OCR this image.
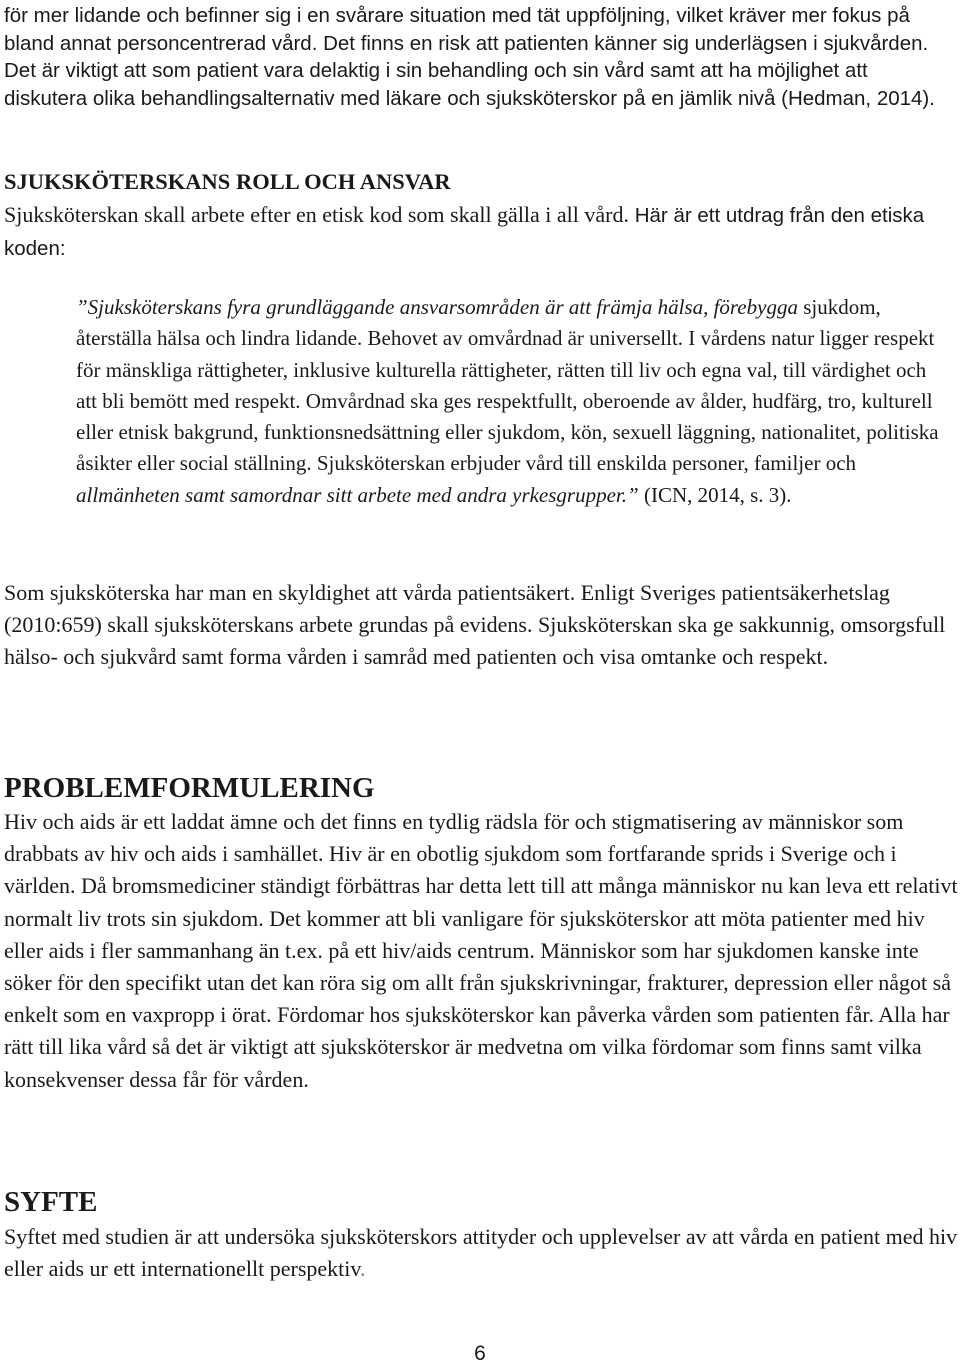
för mer lidande och befinner sig i en svårare situation med tät uppföljning, vilket kräver mer fokus på bland annat personcentrerad vård. Det finns en risk att patienten känner sig underlägsen i sjukvården. Det är viktigt att som patient vara delaktig i sin behandling och sin vård samt att ha möjlighet att diskutera olika behandlingsalternativ med läkare och sjuksköterskor på en jämlik nivå (Hedman, 2014).

SJUKSKÖTERSKANS ROLL OCH ANSVAR

Sjuksköterskan skall arbete efter en etisk kod som skall gälla i all vård. Här är ett utdrag från den etiska koden:

”Sjuksköterskans fyra grundläggande ansvarsområden är att främja hälsa, förebygga sjukdom, återställa hälsa och lindra lidande. Behovet av omvårdnad är universellt. I vårdens natur ligger respekt för mänskliga rättigheter, inklusive kulturella rättigheter, rätten till liv och egna val, till värdighet och att bli bemött med respekt. Omvårdnad ska ges respektfullt, oberoende av ålder, hudfärg, tro, kulturell eller etnisk bakgrund, funktionsnedsättning eller sjukdom, kön, sexuell läggning, nationalitet, politiska åsikter eller social ställning. Sjuksköterskan erbjuder vård till enskilda personer, familjer och allmänheten samt samordnar sitt arbete med andra yrkesgrupper.” (ICN, 2014, s. 3).

Som sjuksköterska har man en skyldighet att vårda patientsäkert. Enligt Sveriges patientsäkerhetslag (2010:659) skall sjuksköterskans arbete grundas på evidens. Sjuksköterskan ska ge sakkunnig, omsorgsfull hälso- och sjukvård samt forma vården i samråd med patienten och visa omtanke och respekt.

PROBLEMFORMULERING

Hiv och aids är ett laddat ämne och det finns en tydlig rädsla för och stigmatisering av människor som drabbats av hiv och aids i samhället. Hiv är en obotlig sjukdom som fortfarande sprids i Sverige och i världen. Då bromsmediciner ständigt förbättras har detta lett till att många människor nu kan leva ett relativt normalt liv trots sin sjukdom. Det kommer att bli vanligare för sjuksköterskor att möta patienter med hiv eller aids i fler sammanhang än t.ex. på ett hiv/aids centrum. Människor som har sjukdomen kanske inte söker för den specifikt utan det kan röra sig om allt från sjukskrivningar, frakturer, depression eller något så enkelt som en vaxpropp i örat. Fördomar hos sjuksköterskor kan påverka vården som patienten får. Alla har rätt till lika vård så det är viktigt att sjuksköterskor är medvetna om vilka fördomar som finns samt vilka konsekvenser dessa får för vården.

SYFTE

Syftet med studien är att undersöka sjuksköterskors attityder och upplevelser av att vårda en patient med hiv eller aids ur ett internationellt perspektiv.

6
